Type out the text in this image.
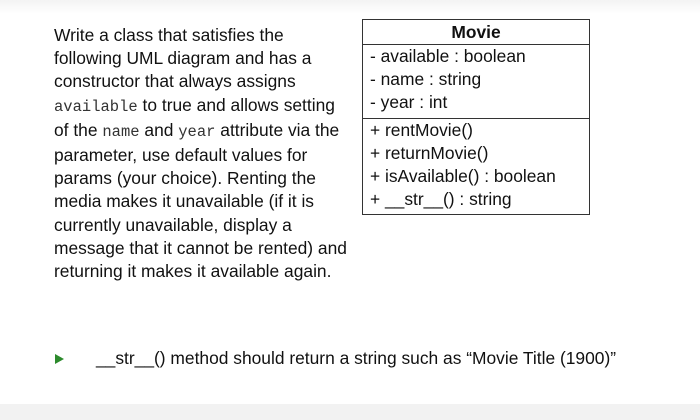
Write a class that satisfies the following UML diagram and has a constructor that always assigns available to true and allows setting of the name and year attribute via the parameter, use default values for params (your choice). Renting the media makes it unavailable (if it is currently unavailable, display a message that it cannot be rented) and returning it makes it available again.

Movie
- available : boolean
- name : string
- year : int
+ rentMovie()
+ returnMovie()
+ isAvailable() : boolean
+ __str__() : string

__str__() method should return a string such as “Movie Title (1900)”
